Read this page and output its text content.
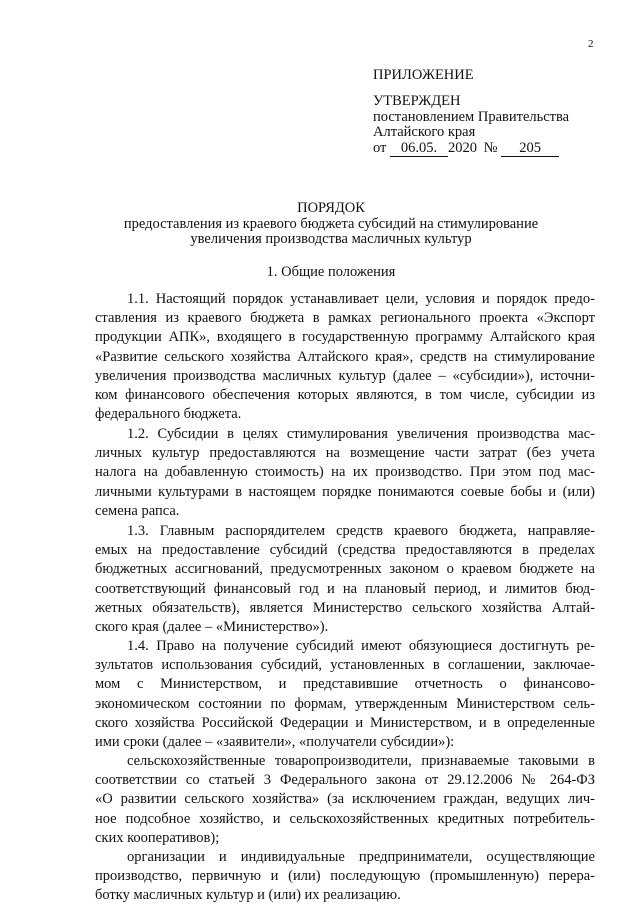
2
ПРИЛОЖЕНИЕ
УТВЕРЖДЕН
постановлением Правительства
Алтайского края
от 06.05. 2020 № 205
ПОРЯДОК
предоставления из краевого бюджета субсидий на стимулирование
увеличения производства масличных культур
1. Общие положения
1.1. Настоящий порядок устанавливает цели, условия и порядок предо-
ставления из краевого бюджета в рамках регионального проекта «Экспорт
продукции АПК», входящего в государственную программу Алтайского края
«Развитие сельского хозяйства Алтайского края», средств на стимулирование
увеличения производства масличных культур (далее – «субсидии»), источни-
ком финансового обеспечения которых являются, в том числе, субсидии из
федерального бюджета.
1.2. Субсидии в целях стимулирования увеличения производства мас-
личных культур предоставляются на возмещение части затрат (без учета
налога на добавленную стоимость) на их производство. При этом под мас-
личными культурами в настоящем порядке понимаются соевые бобы и (или)
семена рапса.
1.3. Главным распорядителем средств краевого бюджета, направляе-
емых на предоставление субсидий (средства предоставляются в пределах
бюджетных ассигнований, предусмотренных законом о краевом бюджете на
соответствующий финансовый год и на плановый период, и лимитов бюд-
жетных обязательств), является Министерство сельского хозяйства Алтай-
ского края (далее – «Министерство»).
1.4. Право на получение субсидий имеют обязующиеся достигнуть ре-
зультатов использования субсидий, установленных в соглашении, заключае-
мом с Министерством, и представившие отчетность о финансово-
экономическом состоянии по формам, утвержденным Министерством сель-
ского хозяйства Российской Федерации и Министерством, и в определенные
ими сроки (далее – «заявители», «получатели субсидии»):
сельскохозяйственные товаропроизводители, признаваемые таковыми в
соответствии со статьей 3 Федерального закона от 29.12.2006 № 264-ФЗ
«О развитии сельского хозяйства» (за исключением граждан, ведущих лич-
ное подсобное хозяйство, и сельскохозяйственных кредитных потребитель-
ских кооперативов);
организации и индивидуальные предприниматели, осуществляющие
производство, первичную и (или) последующую (промышленную) перера-
ботку масличных культур и (или) их реализацию.
